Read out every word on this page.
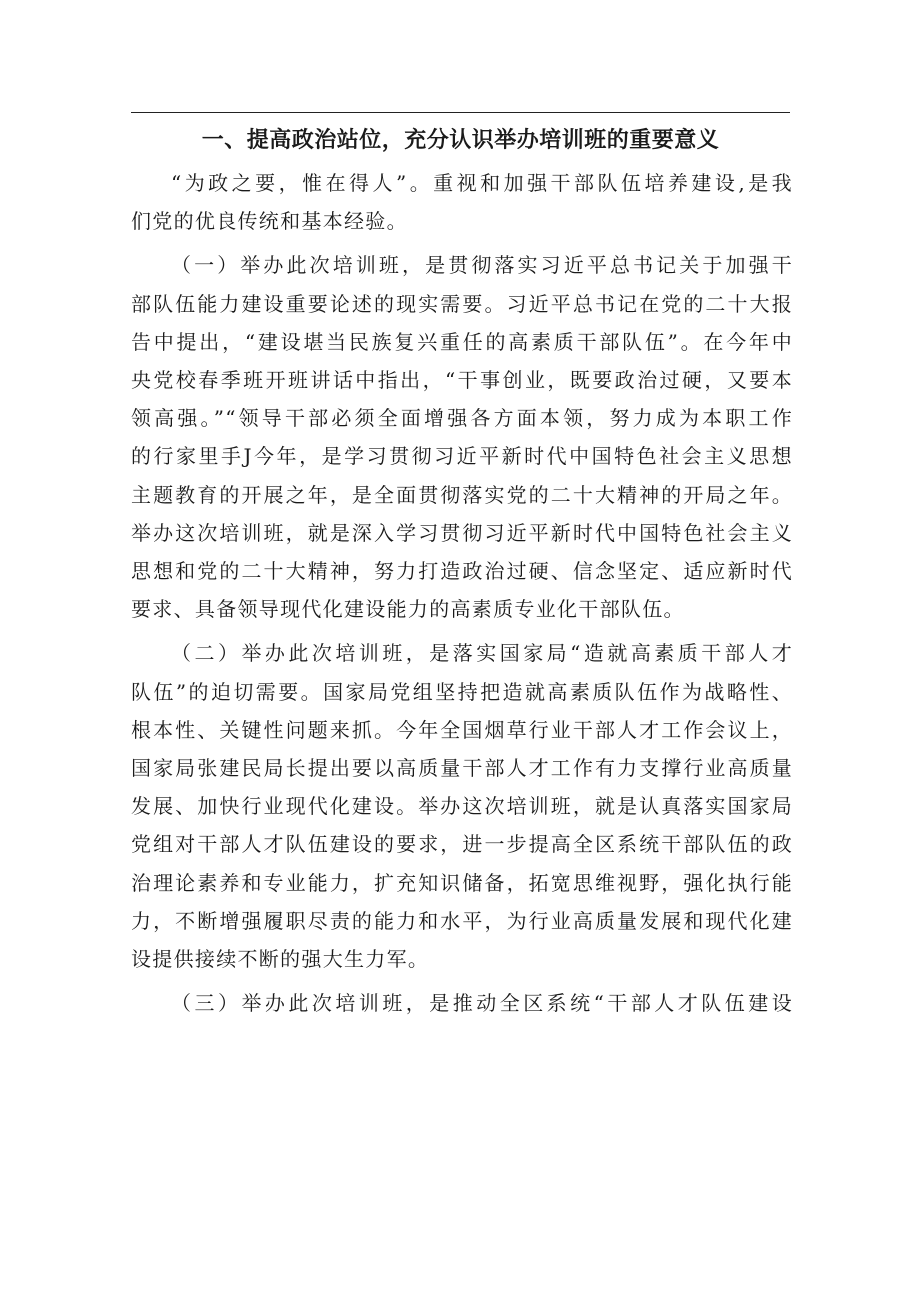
一、提高政治站位，充分认识举办培训班的重要意义
“为政之要，惟在得人”。重视和加强干部队伍培养建设,是我
们党的优良传统和基本经验。
（一）举办此次培训班，是贯彻落实习近平总书记关于加强干
部队伍能力建设重要论述的现实需要。习近平总书记在党的二十大报
告中提出，“建设堪当民族复兴重任的高素质干部队伍”。在今年中
央党校春季班开班讲话中指出，“干事创业，既要政治过硬，又要本
领高强。”“领导干部必须全面增强各方面本领，努力成为本职工作
的行家里手J今年，是学习贯彻习近平新时代中国特色社会主义思想
主题教育的开展之年，是全面贯彻落实党的二十大精神的开局之年。
举办这次培训班，就是深入学习贯彻习近平新时代中国特色社会主义
思想和党的二十大精神，努力打造政治过硬、信念坚定、适应新时代
要求、具备领导现代化建设能力的高素质专业化干部队伍。
（二）举办此次培训班，是落实国家局“造就高素质干部人才
队伍”的迫切需要。国家局党组坚持把造就高素质队伍作为战略性、
根本性、关键性问题来抓。今年全国烟草行业干部人才工作会议上，
国家局张建民局长提出要以高质量干部人才工作有力支撑行业高质量
发展、加快行业现代化建设。举办这次培训班，就是认真落实国家局
党组对干部人才队伍建设的要求，进一步提高全区系统干部队伍的政
治理论素养和专业能力，扩充知识储备，拓宽思维视野，强化执行能
力，不断增强履职尽责的能力和水平，为行业高质量发展和现代化建
设提供接续不断的强大生力军。
（三）举办此次培训班，是推动全区系统“干部人才队伍建设
